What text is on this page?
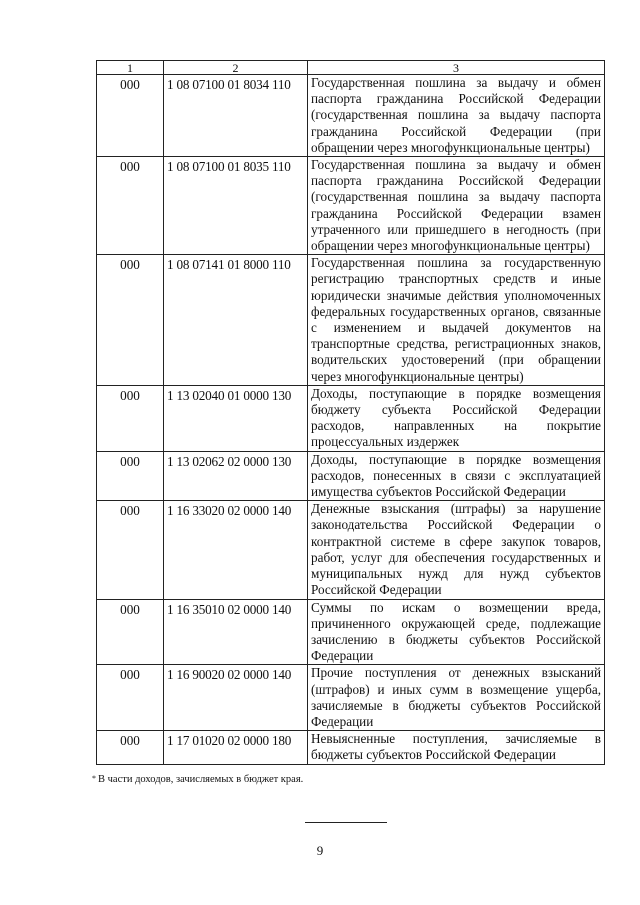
1	2	3
000	1 08 07100 01 8034 110	Государственная пошлина за выдачу и обмен паспорта гражданина Российской Федерации (государственная пошлина за выдачу паспорта гражданина Российской Федерации (при обращении через многофункциональные центры)
000	1 08 07100 01 8035 110	Государственная пошлина за выдачу и обмен паспорта гражданина Российской Федерации (государственная пошлина за выдачу паспорта гражданина Российской Федерации взамен утраченного или пришедшего в негодность (при обращении через многофункциональные центры)
000	1 08 07141 01 8000 110	Государственная пошлина за государственную регистрацию транспортных средств и иные юридически значимые действия уполномоченных федеральных государственных органов, связанные с изменением и выдачей документов на транспортные средства, регистрационных знаков, водительских удостоверений (при обращении через многофункциональные центры)
000	1 13 02040 01 0000 130	Доходы, поступающие в порядке возмещения бюджету субъекта Российской Федерации расходов, направленных на покрытие процессуальных издержек
000	1 13 02062 02 0000 130	Доходы, поступающие в порядке возмещения расходов, понесенных в связи с эксплуатацией имущества субъектов Российской Федерации
000	1 16 33020 02 0000 140	Денежные взыскания (штрафы) за нарушение законодательства Российской Федерации о контрактной системе в сфере закупок товаров, работ, услуг для обеспечения государственных и муниципальных нужд для нужд субъектов Российской Федерации
000	1 16 35010 02 0000 140	Суммы по искам о возмещении вреда, причиненного окружающей среде, подлежащие зачислению в бюджеты субъектов Российской Федерации
000	1 16 90020 02 0000 140	Прочие поступления от денежных взысканий (штрафов) и иных сумм в возмещение ущерба, зачисляемые в бюджеты субъектов Российской Федерации
000	1 17 01020 02 0000 180	Невыясненные поступления, зачисляемые в бюджеты субъектов Российской Федерации
* В части доходов, зачисляемых в бюджет края.
9
